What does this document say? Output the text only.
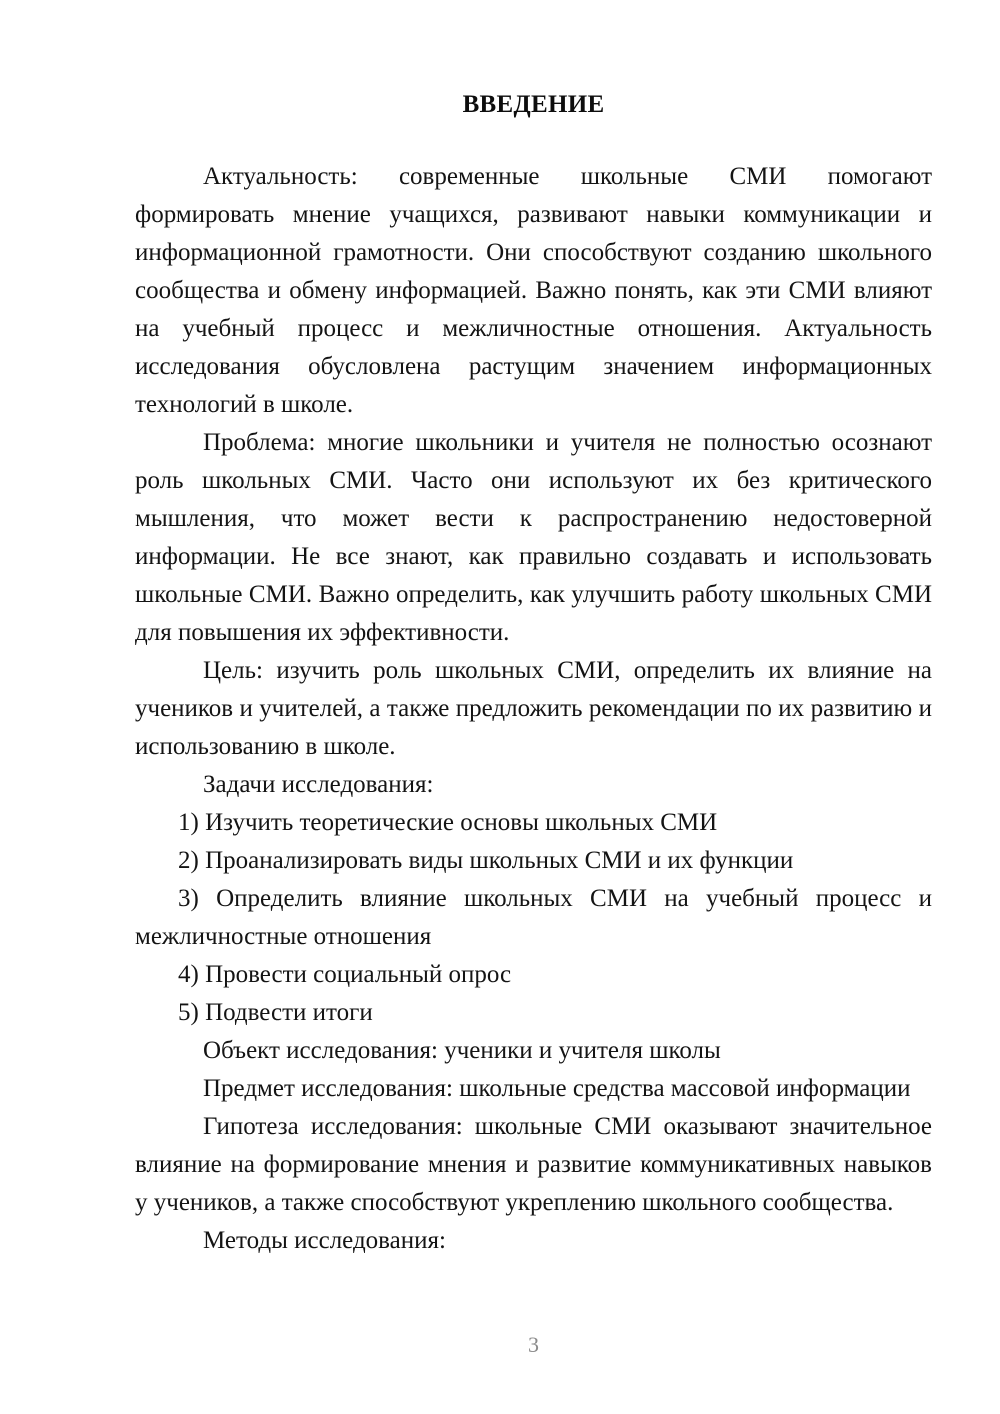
ВВЕДЕНИЕ

Актуальность: современные школьные СМИ помогают формировать мнение учащихся, развивают навыки коммуникации и информационной грамотности. Они способствуют созданию школьного сообщества и обмену информацией. Важно понять, как эти СМИ влияют на учебный процесс и межличностные отношения. Актуальность исследования обусловлена растущим значением информационных технологий в школе.

Проблема: многие школьники и учителя не полностью осознают роль школьных СМИ. Часто они используют их без критического мышления, что может вести к распространению недостоверной информации. Не все знают, как правильно создавать и использовать школьные СМИ. Важно определить, как улучшить работу школьных СМИ для повышения их эффективности.

Цель: изучить роль школьных СМИ, определить их влияние на учеников и учителей, а также предложить рекомендации по их развитию и использованию в школе.

Задачи исследования:

1) Изучить теоретические основы школьных СМИ

2) Проанализировать виды школьных СМИ и их функции

3) Определить влияние школьных СМИ на учебный процесс и межличностные отношения

4) Провести социальный опрос

5) Подвести итоги

Объект исследования: ученики и учителя школы

Предмет исследования: школьные средства массовой информации

Гипотеза исследования: школьные СМИ оказывают значительное влияние на формирование мнения и развитие коммуникативных навыков у учеников, а также способствуют укреплению школьного сообщества.

Методы исследования:

3
